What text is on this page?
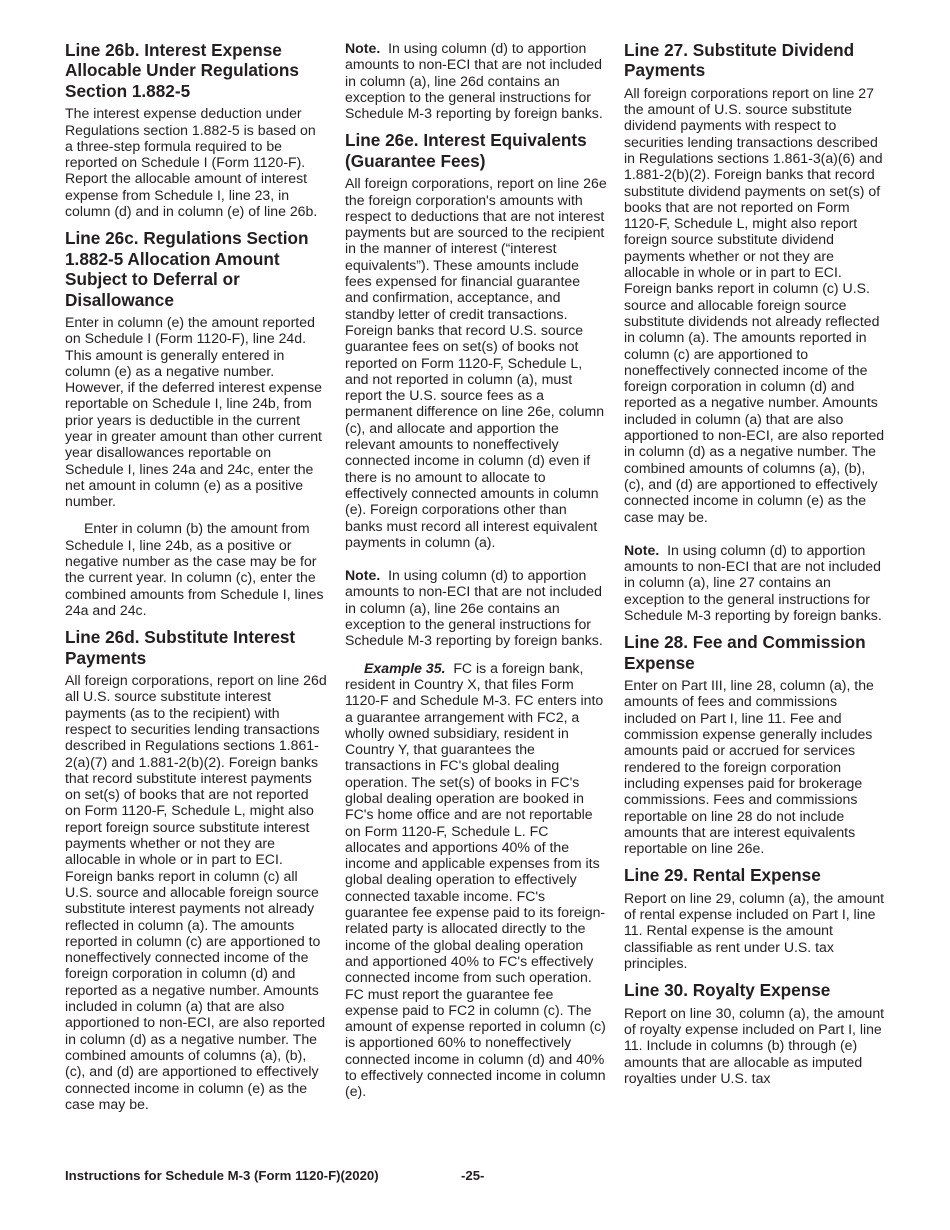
Line 26b. Interest Expense Allocable Under Regulations Section 1.882-5

The interest expense deduction under Regulations section 1.882-5 is based on a three-step formula required to be reported on Schedule I (Form 1120-F). Report the allocable amount of interest expense from Schedule I, line 23, in column (d) and in column (e) of line 26b.

Line 26c. Regulations Section 1.882-5 Allocation Amount Subject to Deferral or Disallowance

Enter in column (e) the amount reported on Schedule I (Form 1120-F), line 24d. This amount is generally entered in column (e) as a negative number. However, if the deferred interest expense reportable on Schedule I, line 24b, from prior years is deductible in the current year in greater amount than other current year disallowances reportable on Schedule I, lines 24a and 24c, enter the net amount in column (e) as a positive number.

Enter in column (b) the amount from Schedule I, line 24b, as a positive or negative number as the case may be for the current year. In column (c), enter the combined amounts from Schedule I, lines 24a and 24c.

Line 26d. Substitute Interest Payments

All foreign corporations, report on line 26d all U.S. source substitute interest payments (as to the recipient) with respect to securities lending transactions described in Regulations sections 1.861-2(a)(7) and 1.881-2(b)(2). Foreign banks that record substitute interest payments on set(s) of books that are not reported on Form 1120-F, Schedule L, might also report foreign source substitute interest payments whether or not they are allocable in whole or in part to ECI. Foreign banks report in column (c) all U.S. source and allocable foreign source substitute interest payments not already reflected in column (a). The amounts reported in column (c) are apportioned to noneffectively connected income of the foreign corporation in column (d) and reported as a negative number. Amounts included in column (a) that are also apportioned to non-ECI, are also reported in column (d) as a negative number. The combined amounts of columns (a), (b), (c), and (d) are apportioned to effectively connected income in column (e) as the case may be.

Note. In using column (d) to apportion amounts to non-ECI that are not included in column (a), line 26d contains an exception to the general instructions for Schedule M-3 reporting by foreign banks.

Line 26e. Interest Equivalents (Guarantee Fees)

All foreign corporations, report on line 26e the foreign corporation's amounts with respect to deductions that are not interest payments but are sourced to the recipient in the manner of interest (“interest equivalents”). These amounts include fees expensed for financial guarantee and confirmation, acceptance, and standby letter of credit transactions. Foreign banks that record U.S. source guarantee fees on set(s) of books not reported on Form 1120-F, Schedule L, and not reported in column (a), must report the U.S. source fees as a permanent difference on line 26e, column (c), and allocate and apportion the relevant amounts to noneffectively connected income in column (d) even if there is no amount to allocate to effectively connected amounts in column (e). Foreign corporations other than banks must record all interest equivalent payments in column (a).

Note. In using column (d) to apportion amounts to non-ECI that are not included in column (a), line 26e contains an exception to the general instructions for Schedule M-3 reporting by foreign banks.

Example 35. FC is a foreign bank, resident in Country X, that files Form 1120-F and Schedule M-3. FC enters into a guarantee arrangement with FC2, a wholly owned subsidiary, resident in Country Y, that guarantees the transactions in FC's global dealing operation. The set(s) of books in FC's global dealing operation are booked in FC's home office and are not reportable on Form 1120-F, Schedule L. FC allocates and apportions 40% of the income and applicable expenses from its global dealing operation to effectively connected taxable income. FC's guarantee fee expense paid to its foreign-related party is allocated directly to the income of the global dealing operation and apportioned 40% to FC's effectively connected income from such operation. FC must report the guarantee fee expense paid to FC2 in column (c). The amount of expense reported in column (c) is apportioned 60% to noneffectively connected income in column (d) and 40% to effectively connected income in column (e).

Line 27. Substitute Dividend Payments

All foreign corporations report on line 27 the amount of U.S. source substitute dividend payments with respect to securities lending transactions described in Regulations sections 1.861-3(a)(6) and 1.881-2(b)(2). Foreign banks that record substitute dividend payments on set(s) of books that are not reported on Form 1120-F, Schedule L, might also report foreign source substitute dividend payments whether or not they are allocable in whole or in part to ECI. Foreign banks report in column (c) U.S. source and allocable foreign source substitute dividends not already reflected in column (a). The amounts reported in column (c) are apportioned to noneffectively connected income of the foreign corporation in column (d) and reported as a negative number. Amounts included in column (a) that are also apportioned to non-ECI, are also reported in column (d) as a negative number. The combined amounts of columns (a), (b), (c), and (d) are apportioned to effectively connected income in column (e) as the case may be.

Note. In using column (d) to apportion amounts to non-ECI that are not included in column (a), line 27 contains an exception to the general instructions for Schedule M-3 reporting by foreign banks.

Line 28. Fee and Commission Expense

Enter on Part III, line 28, column (a), the amounts of fees and commissions included on Part I, line 11. Fee and commission expense generally includes amounts paid or accrued for services rendered to the foreign corporation including expenses paid for brokerage commissions. Fees and commissions reportable on line 28 do not include amounts that are interest equivalents reportable on line 26e.

Line 29. Rental Expense

Report on line 29, column (a), the amount of rental expense included on Part I, line 11. Rental expense is the amount classifiable as rent under U.S. tax principles.

Line 30. Royalty Expense

Report on line 30, column (a), the amount of royalty expense included on Part I, line 11. Include in columns (b) through (e) amounts that are allocable as imputed royalties under U.S. tax

Instructions for Schedule M-3 (Form 1120-F)(2020)	-25-
